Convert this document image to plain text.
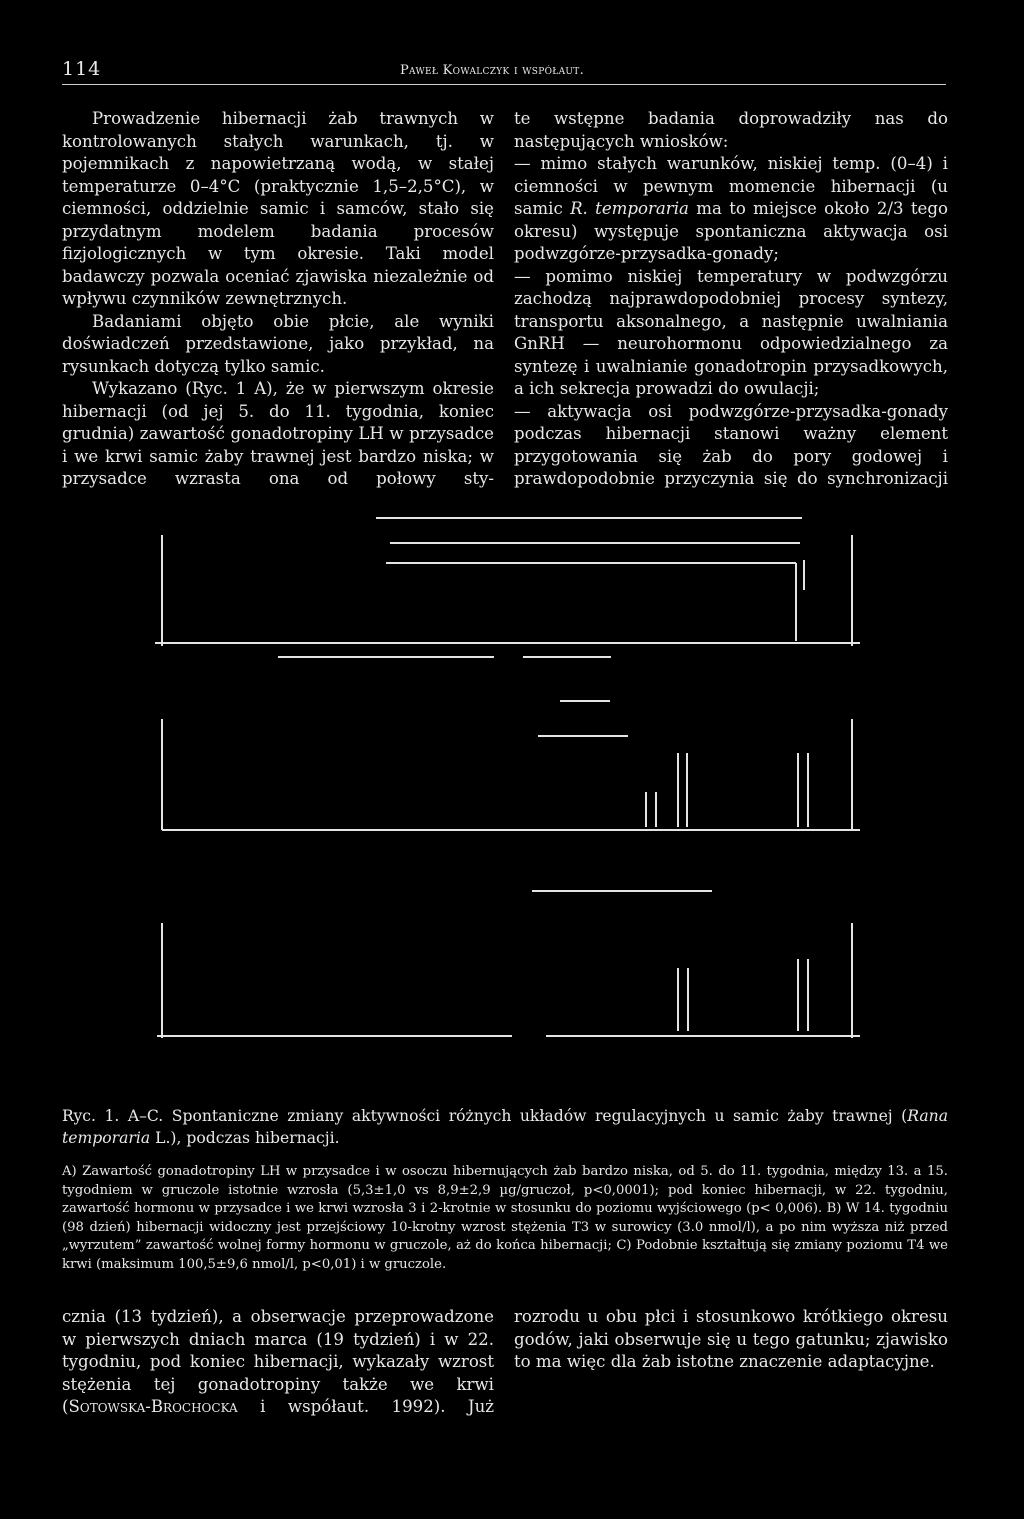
114	Paweł Kowalczyk i współaut.

Prowadzenie hibernacji żab trawnych w kontrolowanych stałych warunkach, tj. w pojemnikach z napowietrzaną wodą, w stałej temperaturze 0–4°C (praktycznie 1,5–2,5°C), w ciemności, oddzielnie samic i samców, stało się przydatnym modelem badania procesów fizjologicznych w tym okresie. Taki model badawczy pozwala oceniać zjawiska niezależnie od wpływu czynników zewnętrznych.

Badaniami objęto obie płcie, ale wyniki doświadczeń przedstawione, jako przykład, na rysunkach dotyczą tylko samic.

Wykazano (Ryc. 1 A), że w pierwszym okresie hibernacji (od jej 5. do 11. tygodnia, koniec grudnia) zawartość gonadotropiny LH w przysadce i we krwi samic żaby trawnej jest bardzo niska; w przysadce wzrasta ona od połowy sty-

te wstępne badania doprowadziły nas do następujących wniosków:

— mimo stałych warunków, niskiej temp. (0–4) i ciemności w pewnym momencie hibernacji (u samic R. temporaria ma to miejsce około 2/3 tego okresu) występuje spontaniczna aktywacja osi podwzgórze-przysadka-gonady;

— pomimo niskiej temperatury w podwzgórzu zachodzą najprawdopodobniej procesy syntezy, transportu aksonalnego, a następnie uwalniania GnRH — neurohormonu odpowiedzialnego za syntezę i uwalnianie gonadotropin przysadkowych, a ich sekrecja prowadzi do owulacji;

— aktywacja osi podwzgórze-przysadka-gonady podczas hibernacji stanowi ważny element przygotowania się żab do pory godowej i prawdopodobnie przyczynia się do synchronizacji

Ryc. 1. A–C. Spontaniczne zmiany aktywności różnych układów regulacyjnych u samic żaby trawnej (Rana temporaria L.), podczas hibernacji.
A) Zawartość gonadotropiny LH w przysadce i w osoczu hibernujących żab bardzo niska, od 5. do 11. tygodnia, między 13. a 15. tygodniem w gruczole istotnie wzrosła (5,3±1,0 vs 8,9±2,9 µg/gruczoł, p<0,0001); pod koniec hibernacji, w 22. tygodniu, zawartość hormonu w przysadce i we krwi wzrosła 3 i 2-krotnie w stosunku do poziomu wyjściowego (p< 0,006). B) W 14. tygodniu (98 dzień) hibernacji widoczny jest przejściowy 10-krotny wzrost stężenia T3 w surowicy (3.0 nmol/l), a po nim wyższa niż przed „wyrzutem” zawartość wolnej formy hormonu w gruczole, aż do końca hibernacji; C) Podobnie kształtują się zmiany poziomu T4 we krwi (maksimum 100,5±9,6 nmol/l, p<0,01) i w gruczole.

cznia (13 tydzień), a obserwacje przeprowadzone w pierwszych dniach marca (19 tydzień) i w 22. tygodniu, pod koniec hibernacji, wykazały wzrost stężenia tej gonadotropiny także we krwi (Sotowska-Brochocka i współaut. 1992). Już

rozrodu u obu płci i stosunkowo krótkiego okresu godów, jaki obserwuje się u tego gatunku; zjawisko to ma więc dla żab istotne znaczenie adaptacyjne.
